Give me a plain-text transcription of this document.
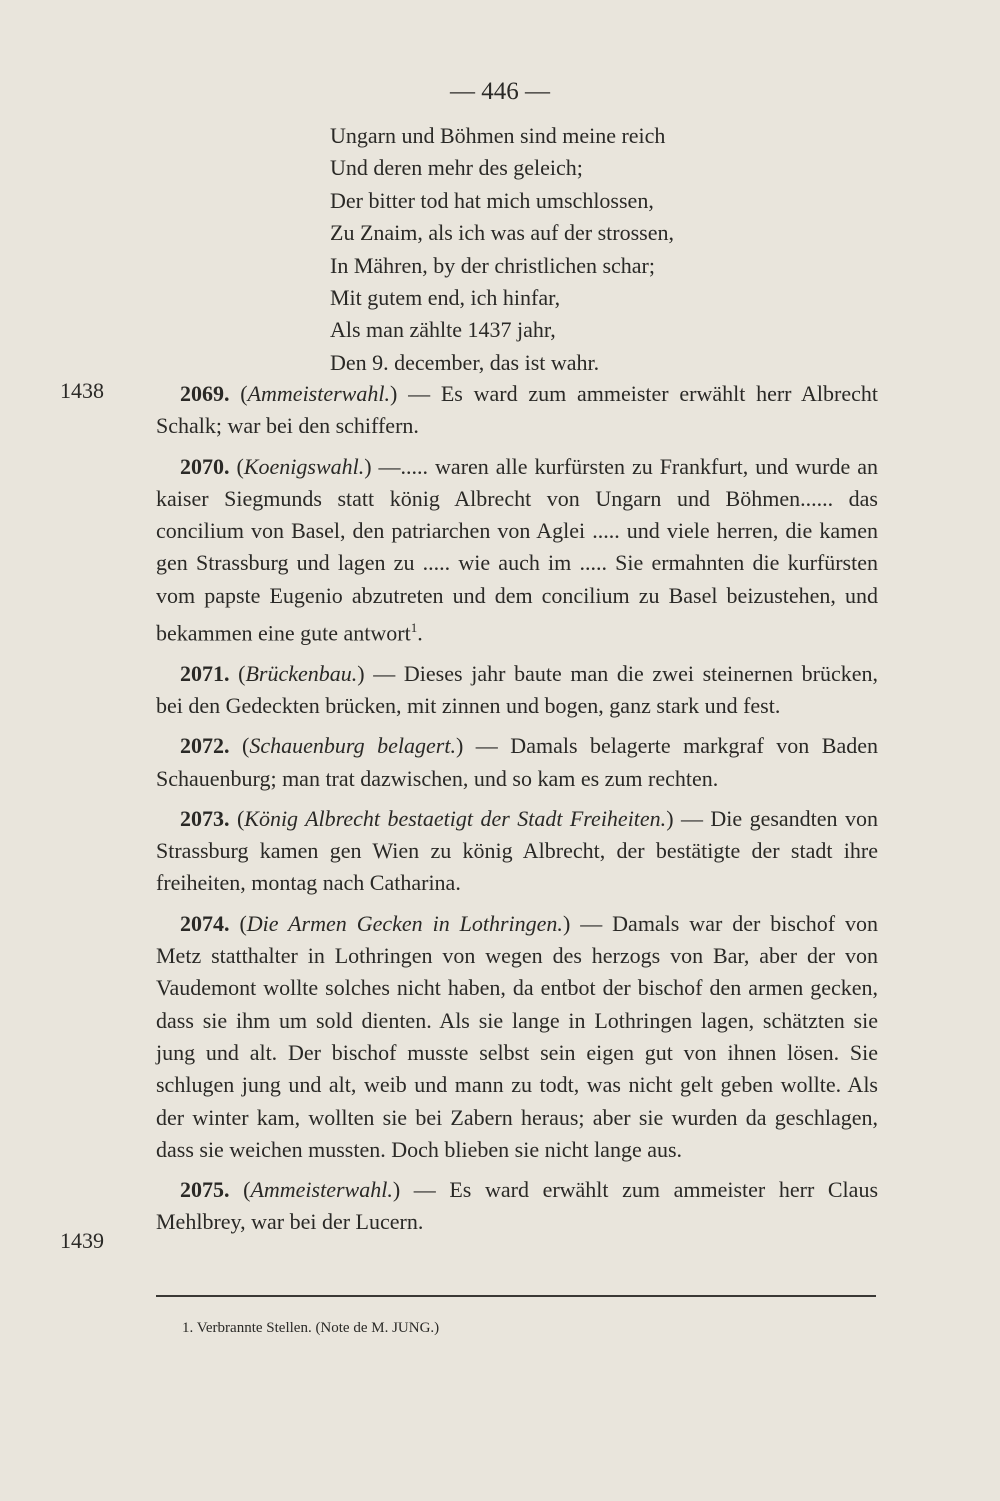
— 446 —
Ungarn und Böhmen sind meine reich
Und deren mehr des geleich;
Der bitter tod hat mich umschlossen,
Zu Znaim, als ich was auf der strossen,
In Mähren, by der christlichen schar;
Mit gutem end, ich hinfar,
Als man zählte 1437 jahr,
Den 9. december, das ist wahr.
1438
1439

2069. (Ammeisterwahl.) — Es ward zum ammeister erwählt herr Albrecht Schalk; war bei den schiffern.

2070. (Koenigswahl.) —..... waren alle kurfürsten zu Frankfurt, und wurde an kaiser Siegmunds statt könig Albrecht von Ungarn und Böhmen...... das concilium von Basel, den patriarchen von Aglei ..... und viele herren, die kamen gen Strassburg und lagen zu ..... wie auch im ..... Sie ermahnten die kurfürsten vom papste Eugenio abzutreten und dem concilium zu Basel beizustehen, und bekammen eine gute antwort$^1$.

2071. (Brückenbau.) — Dieses jahr baute man die zwei steinernen brücken, bei den Gedeckten brücken, mit zinnen und bogen, ganz stark und fest.

2072. (Schauenburg belagert.) — Damals belagerte markgraf von Baden Schauenburg; man trat dazwischen, und so kam es zum rechten.

2073. (König Albrecht bestaetigt der Stadt Freiheiten.) — Die gesandten von Strassburg kamen gen Wien zu könig Albrecht, der bestätigte der stadt ihre freiheiten, montag nach Catharina.

2074. (Die Armen Gecken in Lothringen.) — Damals war der bischof von Metz statthalter in Lothringen von wegen des herzogs von Bar, aber der von Vaudemont wollte solches nicht haben, da entbot der bischof den armen gecken, dass sie ihm um sold dienten. Als sie lange in Lothringen lagen, schätzten sie jung und alt. Der bischof musste selbst sein eigen gut von ihnen lösen. Sie schlugen jung und alt, weib und mann zu todt, was nicht gelt geben wollte. Als der winter kam, wollten sie bei Zabern heraus; aber sie wurden da geschlagen, dass sie weichen mussten. Doch blieben sie nicht lange aus.

2075. (Ammeisterwahl.) — Es ward erwählt zum ammeister herr Claus Mehlbrey, war bei der Lucern.

1. Verbrannte Stellen. (Note de M. JUNG.)
